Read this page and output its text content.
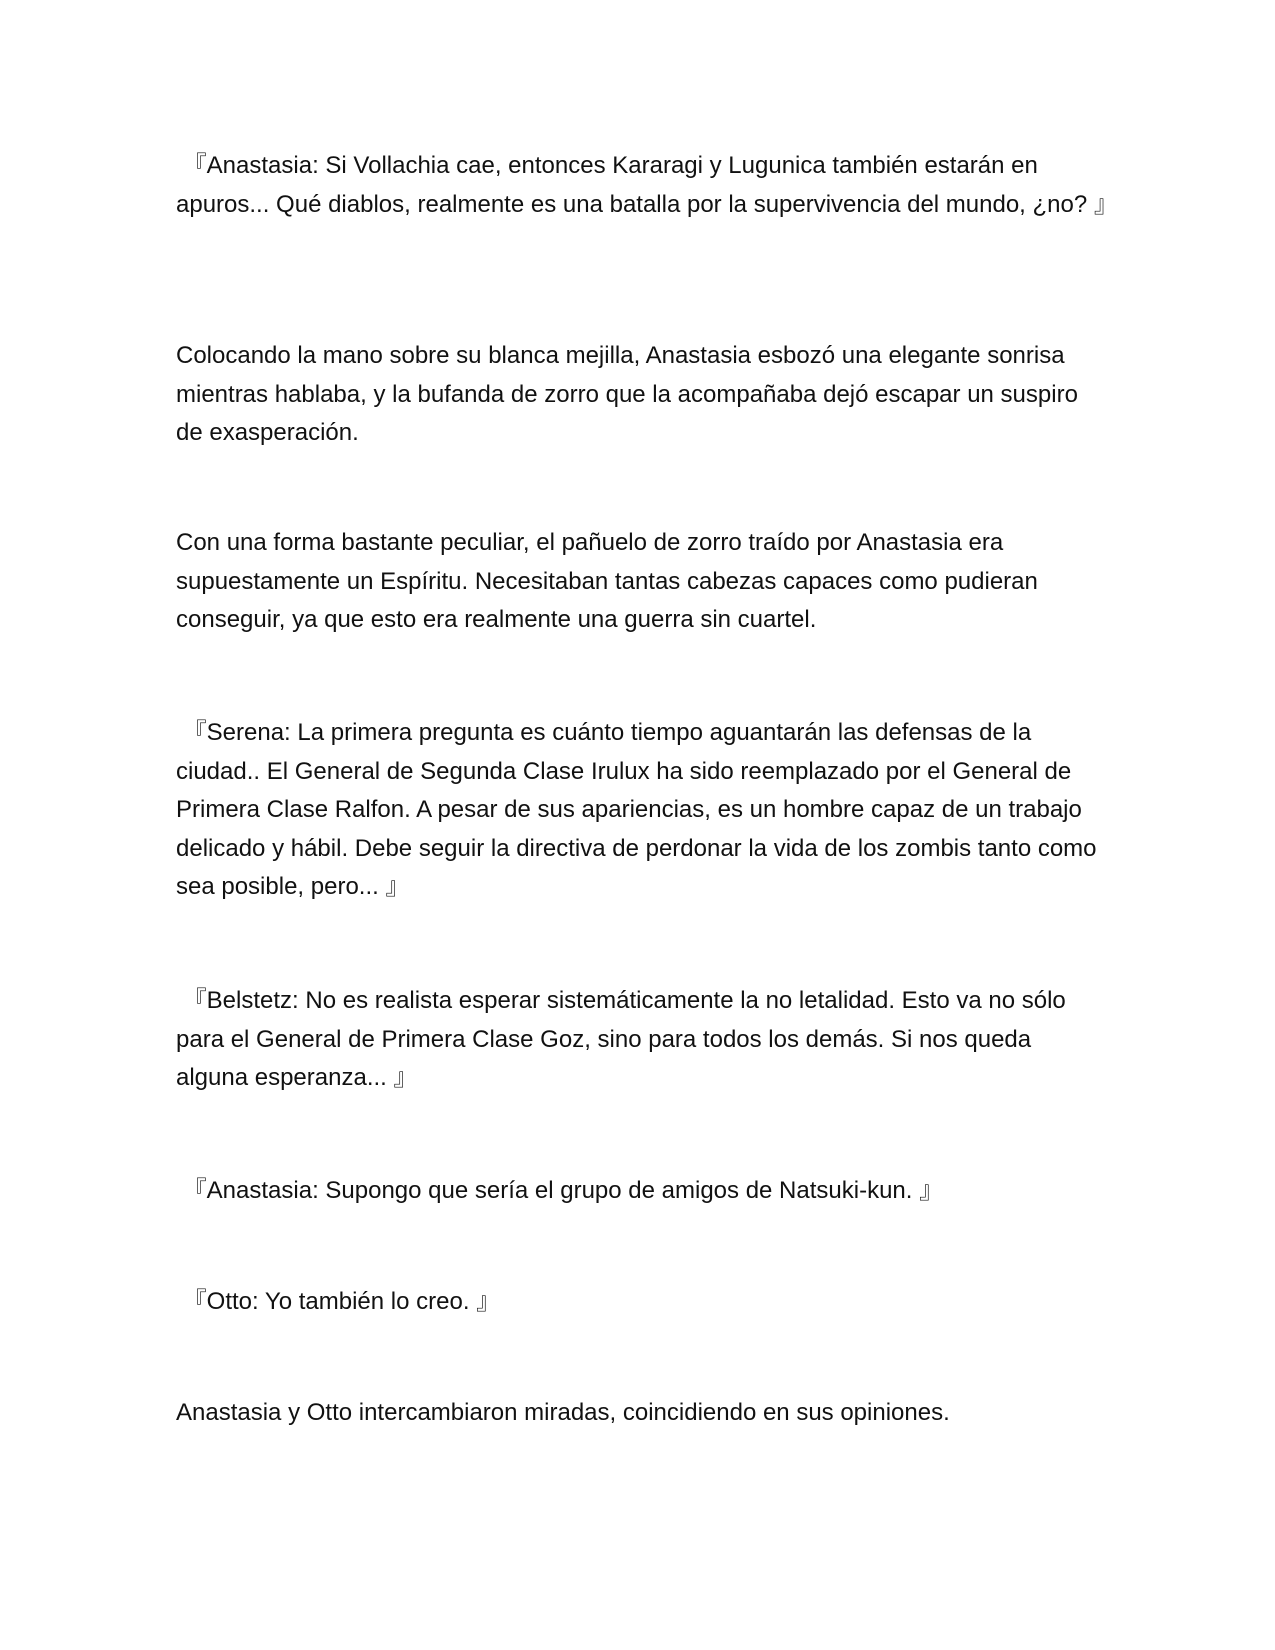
『Anastasia: Si Vollachia cae, entonces Kararagi y Lugunica también estarán en apuros... Qué diablos, realmente es una batalla por la supervivencia del mundo, ¿no? 』

Colocando la mano sobre su blanca mejilla, Anastasia esbozó una elegante sonrisa mientras hablaba, y la bufanda de zorro que la acompañaba dejó escapar un suspiro de exasperación.

Con una forma bastante peculiar, el pañuelo de zorro traído por Anastasia era supuestamente un Espíritu. Necesitaban tantas cabezas capaces como pudieran conseguir, ya que esto era realmente una guerra sin cuartel.

『Serena: La primera pregunta es cuánto tiempo aguantarán las defensas de la ciudad.. El General de Segunda Clase Irulux ha sido reemplazado por el General de Primera Clase Ralfon. A pesar de sus apariencias, es un hombre capaz de un trabajo delicado y hábil. Debe seguir la directiva de perdonar la vida de los zombis tanto como sea posible, pero... 』

『Belstetz: No es realista esperar sistemáticamente la no letalidad. Esto va no sólo para el General de Primera Clase Goz, sino para todos los demás. Si nos queda alguna esperanza... 』

『Anastasia: Supongo que sería el grupo de amigos de Natsuki-kun. 』

『Otto: Yo también lo creo. 』

Anastasia y Otto intercambiaron miradas, coincidiendo en sus opiniones.
